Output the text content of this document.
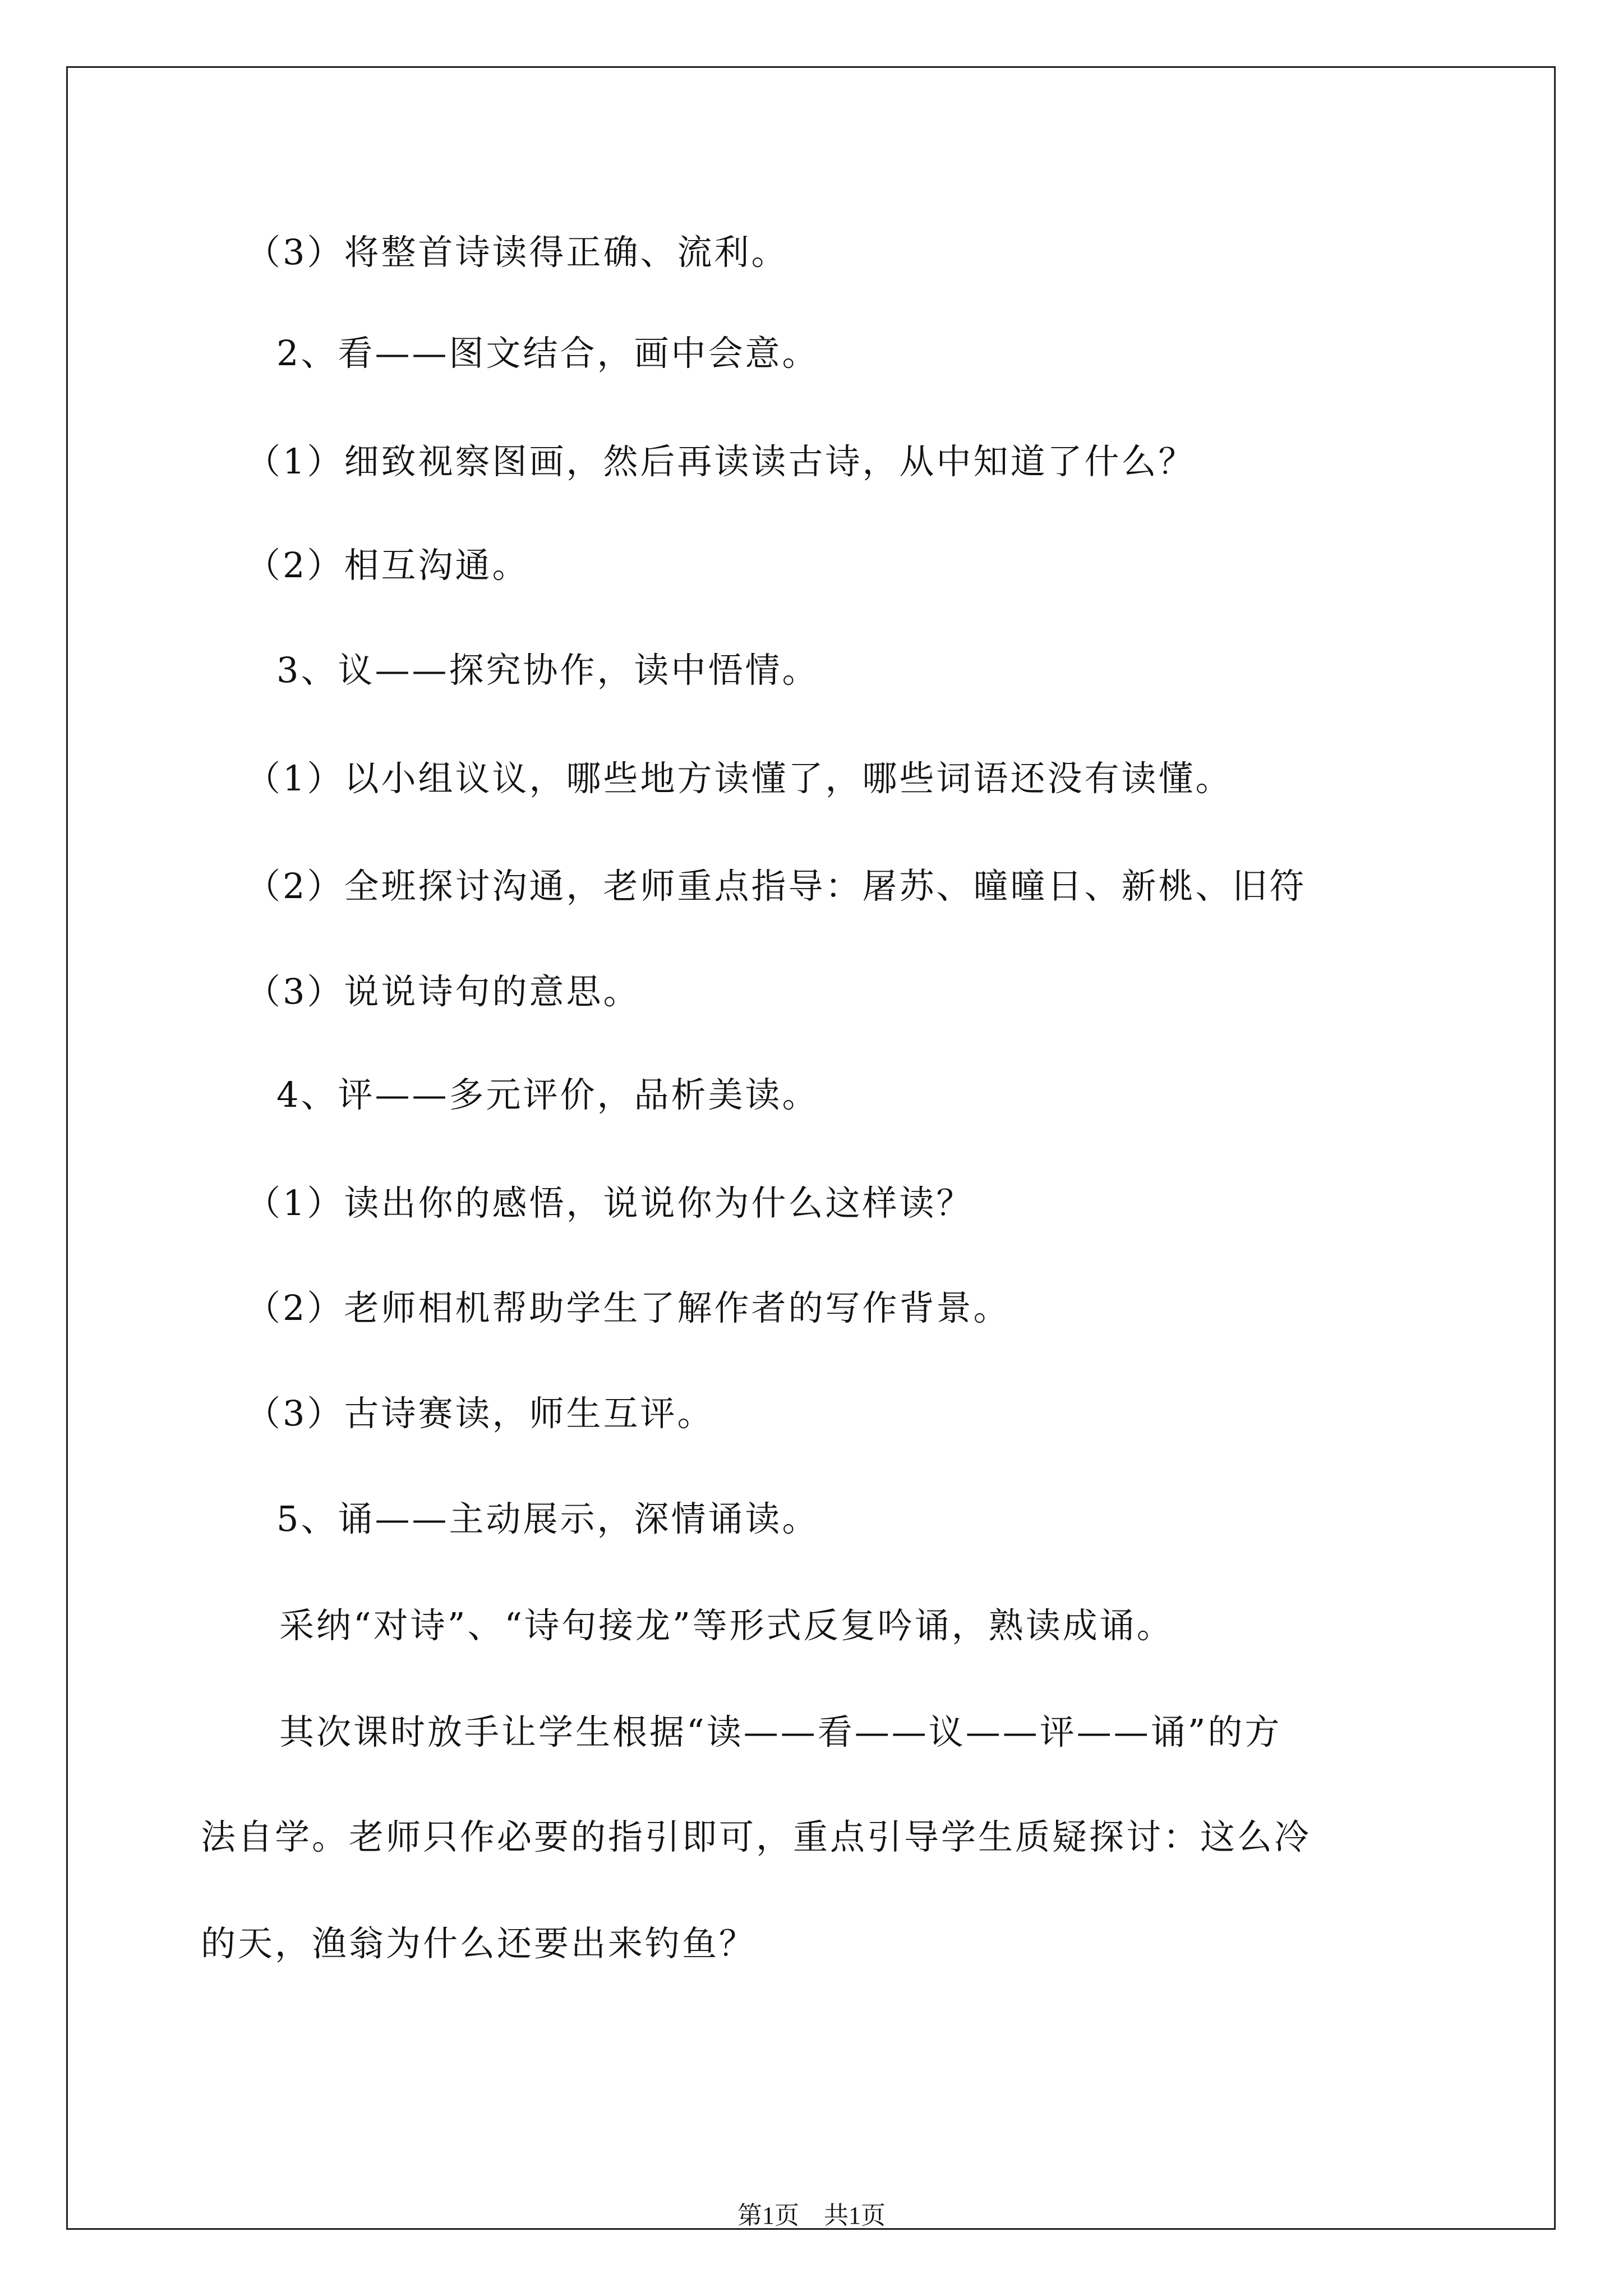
（3）将整首诗读得正确、流利。
2、看——图文结合，画中会意。
（1）细致视察图画，然后再读读古诗，从中知道了什么？
（2）相互沟通。
3、议——探究协作，读中悟情。
（1）以小组议议，哪些地方读懂了，哪些词语还没有读懂。
（2）全班探讨沟通，老师重点指导：屠苏、曈曈日、新桃、旧符
（3）说说诗句的意思。
4、评——多元评价，品析美读。
（1）读出你的感悟，说说你为什么这样读？
（2）老师相机帮助学生了解作者的写作背景。
（3）古诗赛读，师生互评。
5、诵——主动展示，深情诵读。
采纳“对诗”、“诗句接龙”等形式反复吟诵，熟读成诵。
其次课时放手让学生根据“读——看——议——评——诵”的方
法自学。老师只作必要的指引即可，重点引导学生质疑探讨：这么冷
的天，渔翁为什么还要出来钓鱼？
第1页　共1页
